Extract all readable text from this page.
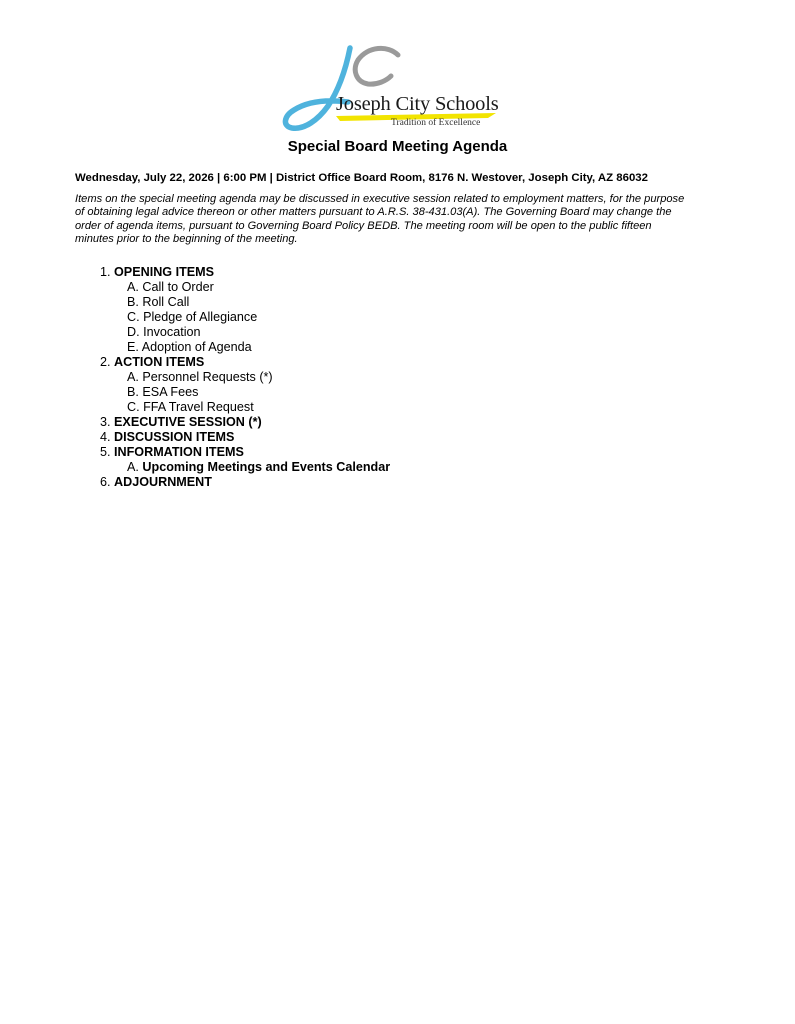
Joseph City Schools
Tradition of Excellence
Special Board Meeting Agenda
Wednesday, July 22, 2026 | 6:00 PM | District Office Board Room, 8176 N. Westover, Joseph City, AZ 86032
Items on the special meeting agenda may be discussed in executive session related to employment matters, for the purpose
of obtaining legal advice thereon or other matters pursuant to A.R.S. 38-431.03(A). The Governing Board may change the
order of agenda items, pursuant to Governing Board Policy BEDB. The meeting room will be open to the public fifteen
minutes prior to the beginning of the meeting.
1. OPENING ITEMS
A. Call to Order
B. Roll Call
C. Pledge of Allegiance
D. Invocation
E. Adoption of Agenda
2. ACTION ITEMS
A. Personnel Requests (*)
B. ESA Fees
C. FFA Travel Request
3. EXECUTIVE SESSION (*)
4. DISCUSSION ITEMS
5. INFORMATION ITEMS
A. Upcoming Meetings and Events Calendar
6. ADJOURNMENT
